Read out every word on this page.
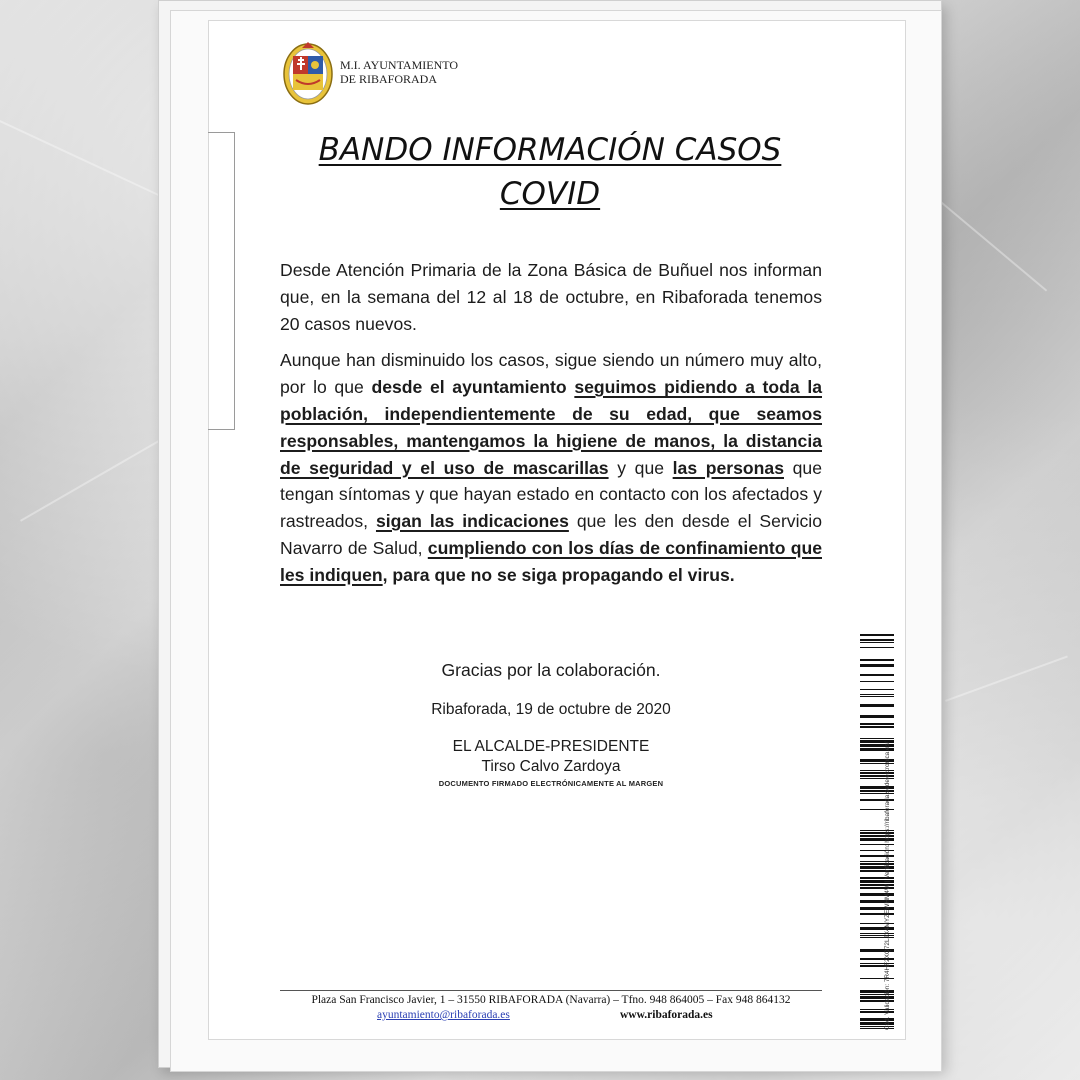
M.I. AYUNTAMIENTO
DE RIBAFORADA
BANDO INFORMACIÓN CASOS
COVID

Desde Atención Primaria de la Zona Básica de Buñuel nos informan que, en la semana del 12 al 18 de octubre, en Ribaforada tenemos 20 casos nuevos.

Aunque han disminuido los casos, sigue siendo un número muy alto, por lo que desde el ayuntamiento seguimos pidiendo a toda la población, independientemente de su edad, que seamos responsables, mantengamos la higiene de manos, la distancia de seguridad y el uso de mascarillas y que las personas que tengan síntomas y que hayan estado en contacto con los afectados y rastreados, sigan las indicaciones que les den desde el Servicio Navarro de Salud, cumpliendo con los días de confinamiento que les indiquen, para que no se siga propagando el virus.

Gracias por la colaboración.
Ribaforada, 19 de octubre de 2020
EL ALCALDE-PRESIDENTE
Tirso Calvo Zardoya
DOCUMENTO FIRMADO ELECTRÓNICAMENTE AL MARGEN
Plaza San Francisco Javier, 1 – 31550 RIBAFORADA (Navarra) – Tfno. 948 864005 – Fax 948 864132
ayuntamiento@ribaforada.es	www.ribaforada.es	Cód. Validación: 7R4HF2XQ72LJX4MYZEWHM4W | Verificación: https://ribaforada.sedelectronica.es/
